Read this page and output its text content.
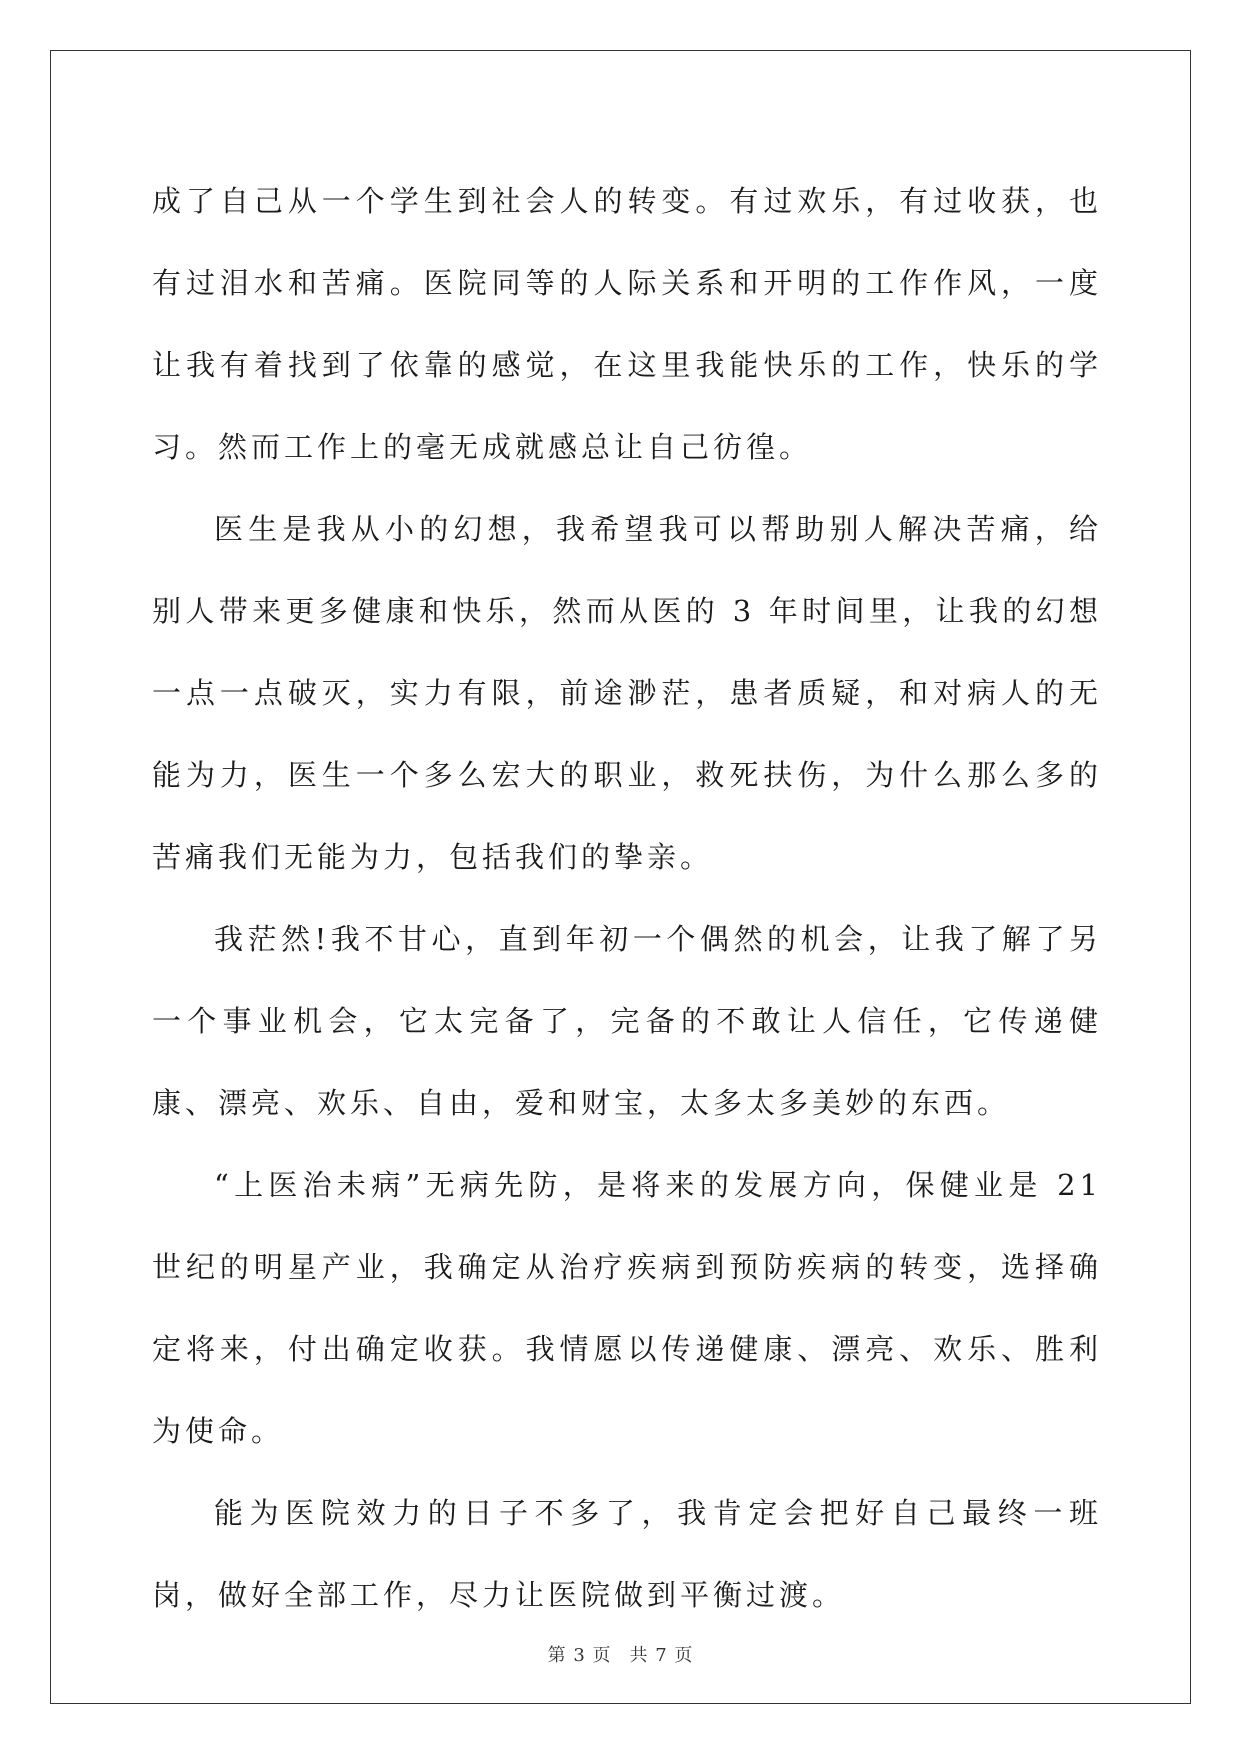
成了自己从一个学生到社会人的转变。有过欢乐，有过收获，也有过泪水和苦痛。医院同等的人际关系和开明的工作作风，一度让我有着找到了依靠的感觉，在这里我能快乐的工作，快乐的学习。然而工作上的毫无成就感总让自己彷徨。

医生是我从小的幻想，我希望我可以帮助别人解决苦痛，给别人带来更多健康和快乐，然而从医的 3 年时间里，让我的幻想一点一点破灭，实力有限，前途渺茫，患者质疑，和对病人的无能为力，医生一个多么宏大的职业，救死扶伤，为什么那么多的苦痛我们无能为力，包括我们的挚亲。

我茫然!我不甘心，直到年初一个偶然的机会，让我了解了另一个事业机会，它太完备了，完备的不敢让人信任，它传递健康、漂亮、欢乐、自由，爱和财宝，太多太多美妙的东西。

“上医治未病”无病先防，是将来的发展方向，保健业是 21 世纪的明星产业，我确定从治疗疾病到预防疾病的转变，选择确定将来，付出确定收获。我情愿以传递健康、漂亮、欢乐、胜利为使命。

能为医院效力的日子不多了，我肯定会把好自己最终一班岗，做好全部工作，尽力让医院做到平衡过渡。

第 3 页 共 7 页
